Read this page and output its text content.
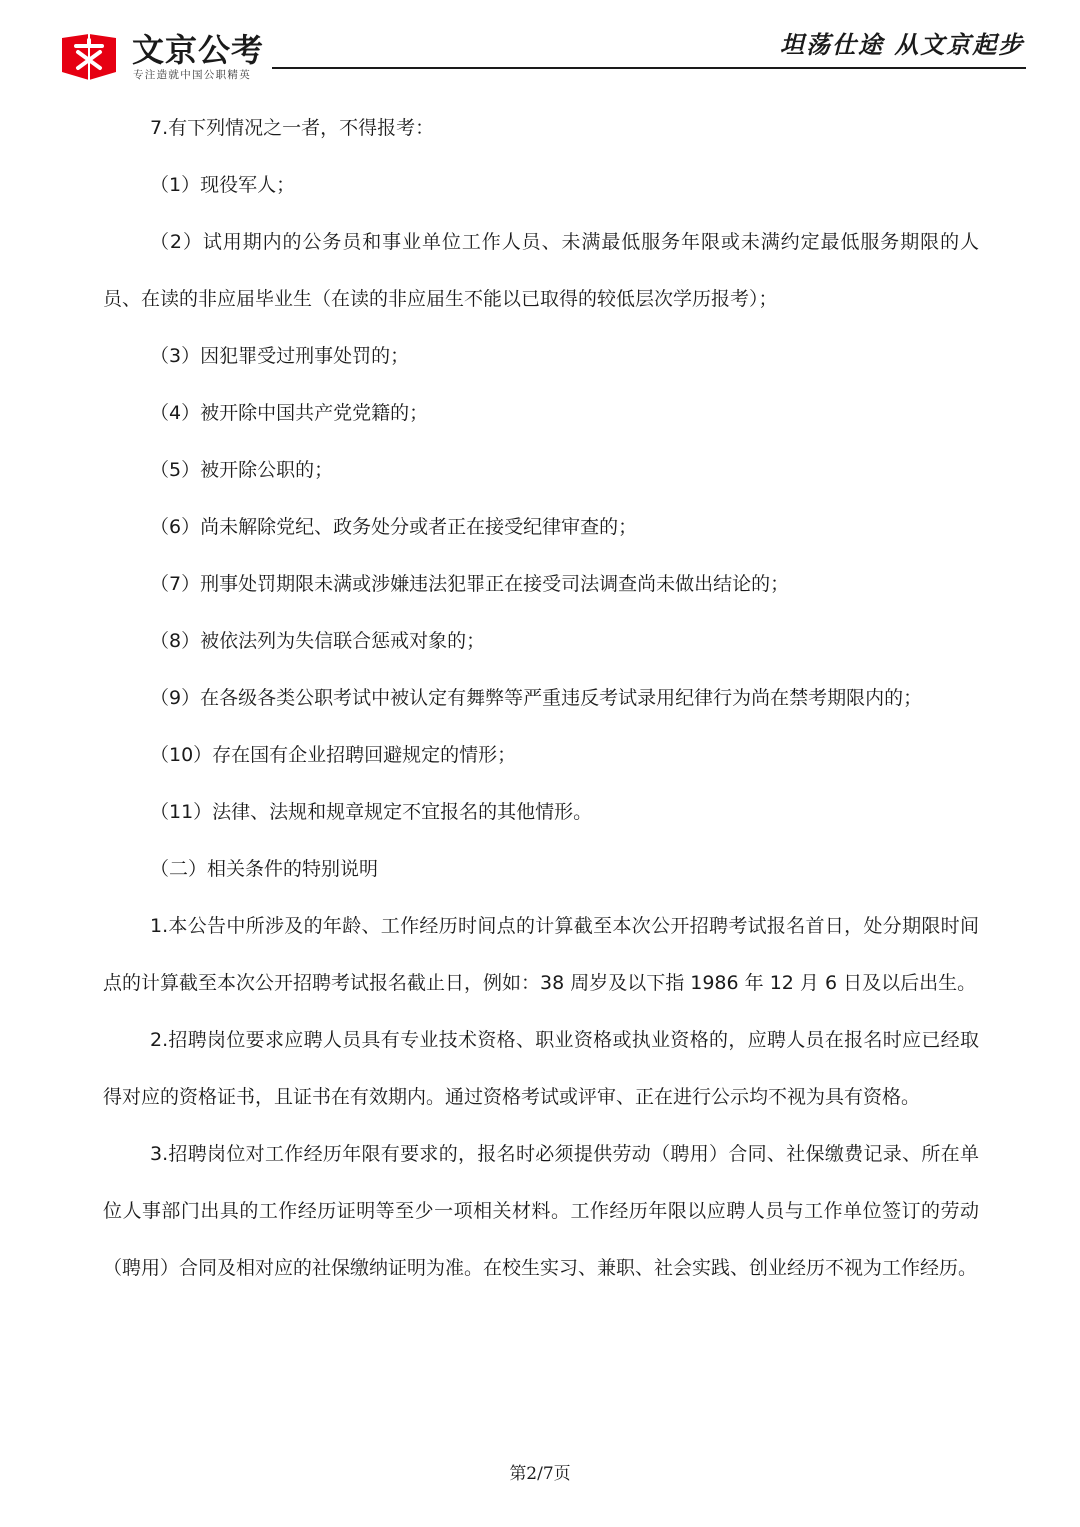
文京公考
专注造就中国公职精英
坦荡仕途 从文京起步

7.有下列情况之一者，不得报考：

（1）现役军人；

（2）试用期内的公务员和事业单位工作人员、未满最低服务年限或未满约定最低服务期限的人员、在读的非应届毕业生（在读的非应届生不能以已取得的较低层次学历报考）；

（3）因犯罪受过刑事处罚的；

（4）被开除中国共产党党籍的；

（5）被开除公职的；

（6）尚未解除党纪、政务处分或者正在接受纪律审查的；

（7）刑事处罚期限未满或涉嫌违法犯罪正在接受司法调查尚未做出结论的；

（8）被依法列为失信联合惩戒对象的；

（9）在各级各类公职考试中被认定有舞弊等严重违反考试录用纪律行为尚在禁考期限内的；

（10）存在国有企业招聘回避规定的情形；

（11）法律、法规和规章规定不宜报名的其他情形。

（二）相关条件的特别说明

1.本公告中所涉及的年龄、工作经历时间点的计算截至本次公开招聘考试报名首日，处分期限时间点的计算截至本次公开招聘考试报名截止日，例如：38 周岁及以下指 1986 年 12 月 6 日及以后出生。

2.招聘岗位要求应聘人员具有专业技术资格、职业资格或执业资格的，应聘人员在报名时应已经取得对应的资格证书，且证书在有效期内。通过资格考试或评审、正在进行公示均不视为具有资格。

3.招聘岗位对工作经历年限有要求的，报名时必须提供劳动（聘用）合同、社保缴费记录、所在单位人事部门出具的工作经历证明等至少一项相关材料。工作经历年限以应聘人员与工作单位签订的劳动（聘用）合同及相对应的社保缴纳证明为准。在校生实习、兼职、社会实践、创业经历不视为工作经历。

第2/7页
